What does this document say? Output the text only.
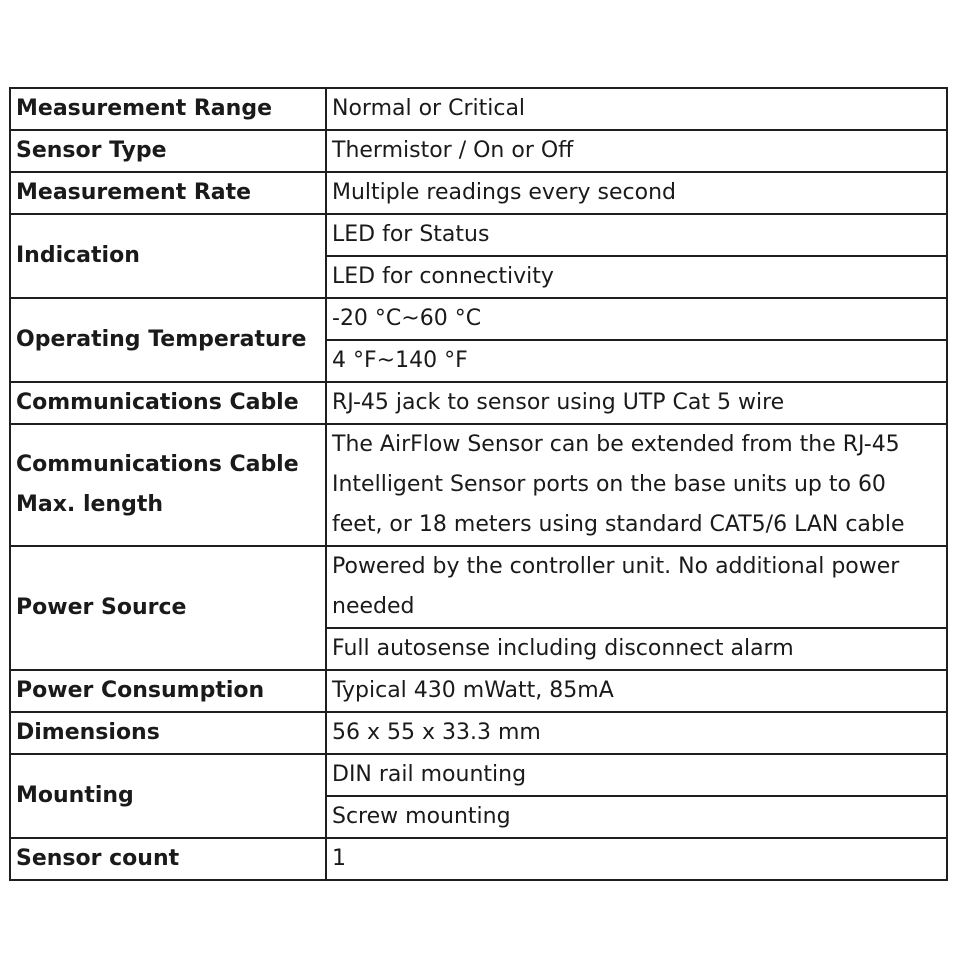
Measurement Range	Normal or Critical
Sensor Type	Thermistor / On or Off
Measurement Rate	Multiple readings every second
Indication	LED for Status
	LED for connectivity
Operating Temperature	-20 °C~60 °C
	4 °F~140 °F
Communications Cable	RJ-45 jack to sensor using UTP Cat 5 wire
Communications Cable
Max. length	The AirFlow Sensor can be extended from the RJ-45 Intelligent Sensor ports on the base units up to 60 feet, or 18 meters using standard CAT5/6 LAN cable
Power Source	Powered by the controller unit. No additional power needed
	Full autosense including disconnect alarm
Power Consumption	Typical 430 mWatt, 85mA
Dimensions	56 x 55 x 33.3 mm
Mounting	DIN rail mounting
	Screw mounting
Sensor count	1
